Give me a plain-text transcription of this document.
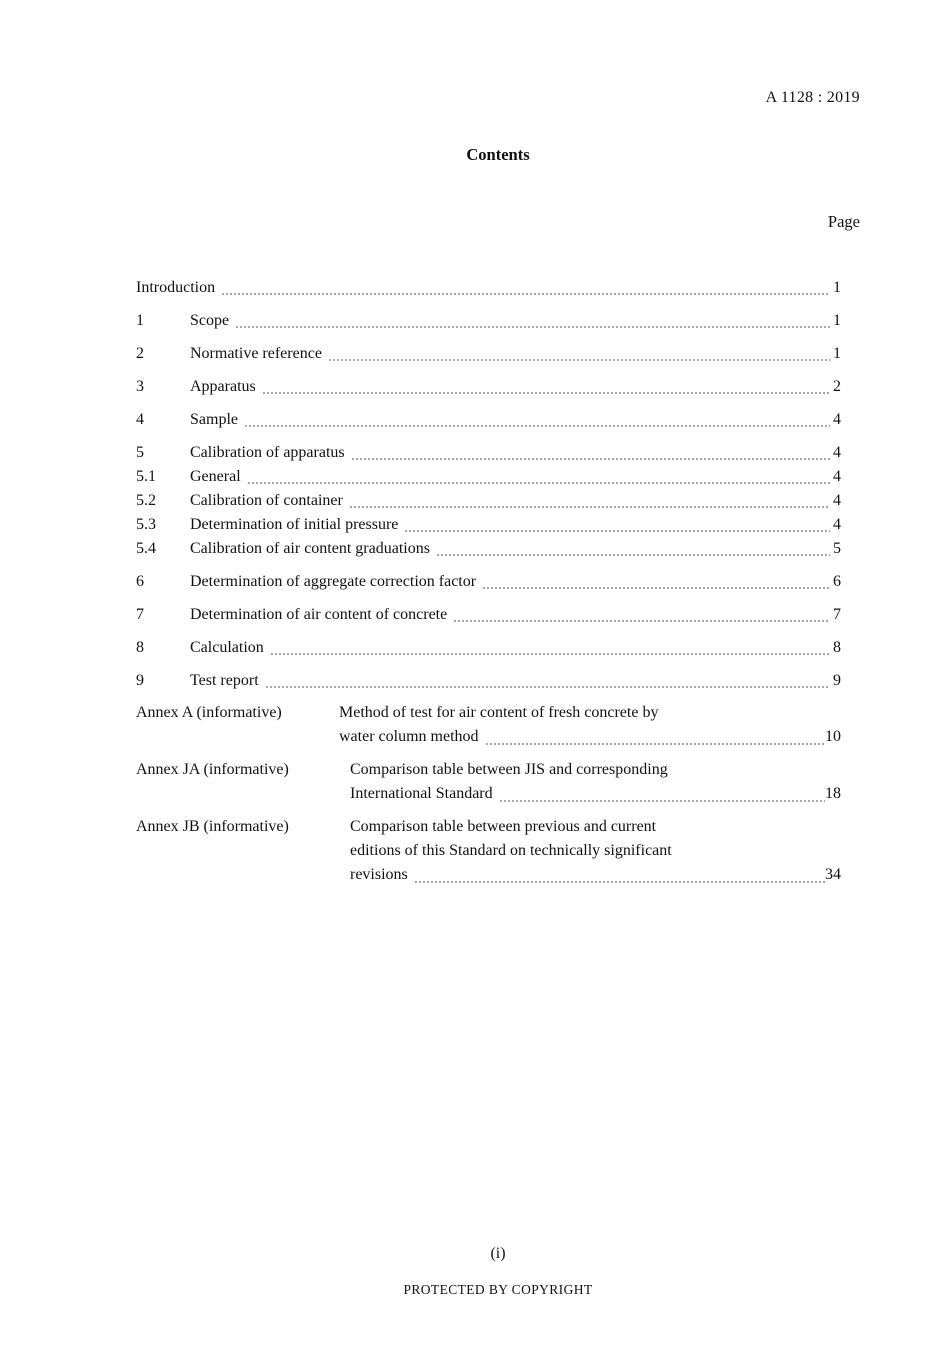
A 1128 : 2019
Contents
Page
Introduction	1
1	Scope	1
2	Normative reference	1
3	Apparatus	2
4	Sample	4
5	Calibration of apparatus	4
5.1	General	4
5.2	Calibration of container	4
5.3	Determination of initial pressure	4
5.4	Calibration of air content graduations	5
6	Determination of aggregate correction factor	6
7	Determination of air content of concrete	7
8	Calculation	8
9	Test report	9
Annex A (informative)	Method of test for air content of fresh concrete by
water column method	10
Annex JA (informative)	Comparison table between JIS and corresponding
International Standard	18
Annex JB (informative)	Comparison table between previous and current
editions of this Standard on technically significant
revisions	34
(i)
PROTECTED BY COPYRIGHT
